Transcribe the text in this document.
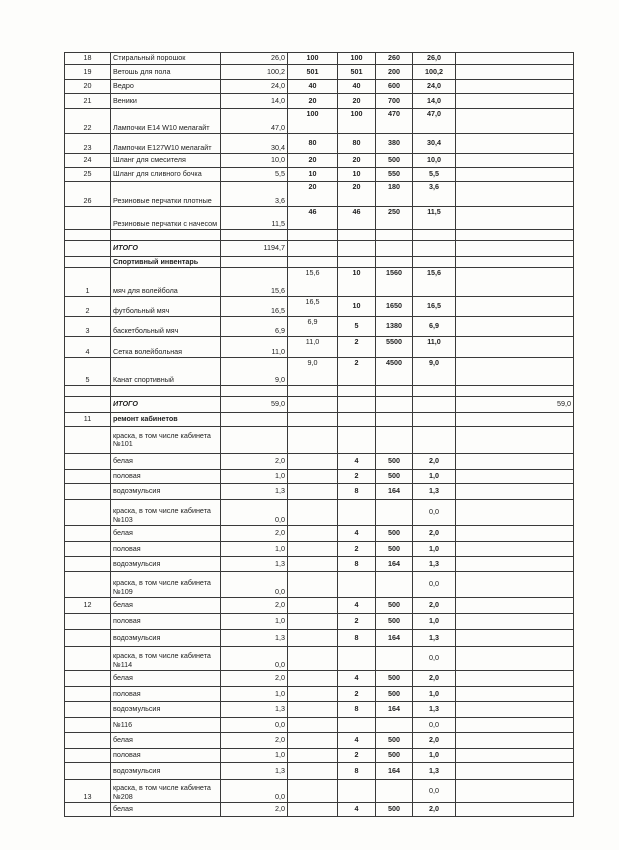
18	Стиральный порошок	26,0	100	100	260	26,0	
19	Ветошь для пола	100,2	501	501	200	100,2	
20	Ведро	24,0	40	40	600	24,0	
21	Веники	14,0	20	20	700	14,0	
22	Лампочки Е14 W10 мелагайт	47,0	100	100	470	47,0	
23	Лампочки Е127W10 мелагайт	30,4	80	80	380	30,4	
24	Шланг для смесителя	10,0	20	20	500	10,0	
25	Шланг для сливного бочка	5,5	10	10	550	5,5	
26	Резиновые перчатки плотные	3,6	20	20	180	3,6	
	Резиновые перчатки с начесом	11,5	46	46	250	11,5	

	ИТОГО	1194,7					
	Спортивный инвентарь						
1	мяч для волейбола	15,6	15,6	10	1560	15,6	
2	футбольный мяч	16,5	16,5	10	1650	16,5	
3	баскетбольный мяч	6,9	6,9	5	1380	6,9	
4	Сетка волейбольная	11,0	11,0	2	5500	11,0	
5	Канат спортивный	9,0	9,0	2	4500	9,0	

	ИТОГО	59,0					59,0
11	ремонт кабинетов						
	краска, в том числе кабинета №101						
	белая	2,0		4	500	2,0	
	половая	1,0		2	500	1,0	
	водоэмульсия	1,3		8	164	1,3	
	краска, в том числе кабинета №103	0,0				0,0	
	белая	2,0		4	500	2,0	
	половая	1,0		2	500	1,0	
	водоэмульсия	1,3		8	164	1,3	
	краска, в том числе кабинета №109	0,0				0,0	
12	белая	2,0		4	500	2,0	
	половая	1,0		2	500	1,0	
	водоэмульсия	1,3		8	164	1,3	
	краска, в том числе кабинета №114	0,0				0,0	
	белая	2,0		4	500	2,0	
	половая	1,0		2	500	1,0	
	водоэмульсия	1,3		8	164	1,3	
	№116	0,0				0,0	
	белая	2,0		4	500	2,0	
	половая	1,0		2	500	1,0	
	водоэмульсия	1,3		8	164	1,3	
13	краска, в том числе кабинета №208	0,0				0,0	
	белая	2,0		4	500	2,0	
